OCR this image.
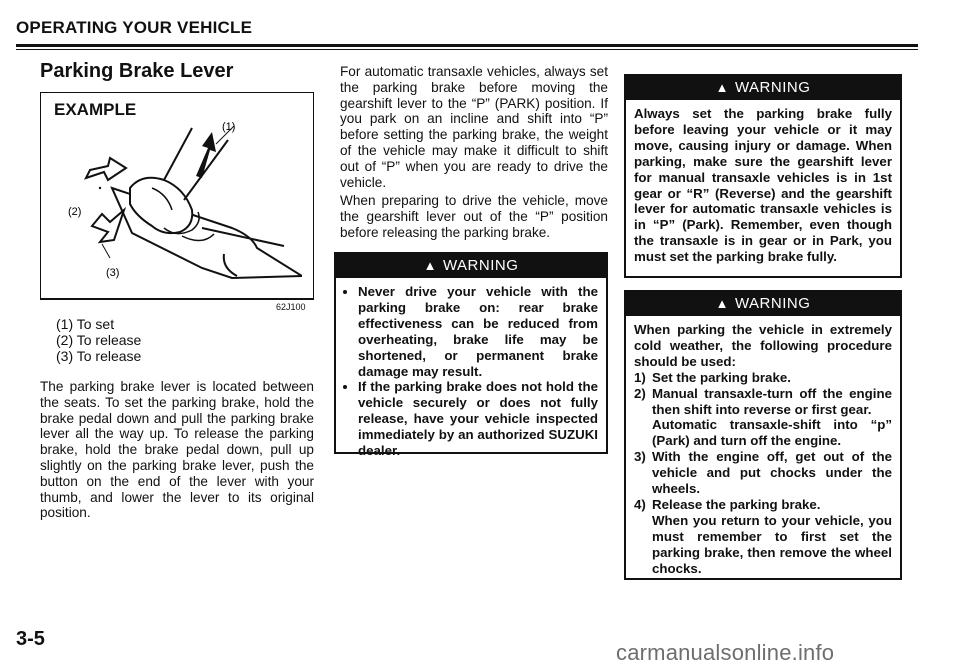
OPERATING YOUR VEHICLE
Parking Brake Lever
EXAMPLE
(1)
(2)
(3)
62J100
(1) To set
(2) To release
(3) To release

The parking brake lever is located between the seats. To set the parking brake, hold the brake pedal down and pull the parking brake lever all the way up. To release the parking brake, hold the brake pedal down, pull up slightly on the parking brake lever, push the button on the end of the lever with your thumb, and lower the lever to its original position.

For automatic transaxle vehicles, always set the parking brake before moving the gearshift lever to the “P” (PARK) position. If you park on an incline and shift into “P” before setting the parking brake, the weight of the vehicle may make it difficult to shift out of “P” when you are ready to drive the vehicle.

When preparing to drive the vehicle, move the gearshift lever out of the “P” position before releasing the parking brake.

▲ WARNING
• Never drive your vehicle with the parking brake on: rear brake effectiveness can be reduced from overheating, brake life may be shortened, or permanent brake damage may result.
• If the parking brake does not hold the vehicle securely or does not fully release, have your vehicle inspected immediately by an authorized SUZUKI dealer.
▲ WARNING
Always set the parking brake fully before leaving your vehicle or it may move, causing injury or damage. When parking, make sure the gearshift lever for manual transaxle vehicles is in 1st gear or “R” (Reverse) and the gearshift lever for automatic transaxle vehicles is in “P” (Park). Remember, even though the transaxle is in gear or in Park, you must set the parking brake fully.
▲ WARNING
When parking the vehicle in extremely cold weather, the following procedure should be used:
1) Set the parking brake.
2) Manual transaxle-turn off the engine then shift into reverse or first gear.
Automatic transaxle-shift into “p” (Park) and turn off the engine.
3) With the engine off, get out of the vehicle and put chocks under the wheels.
4) Release the parking brake.
When you return to your vehicle, you must remember to first set the parking brake, then remove the wheel chocks.
3-5
carmanualsonline.info
